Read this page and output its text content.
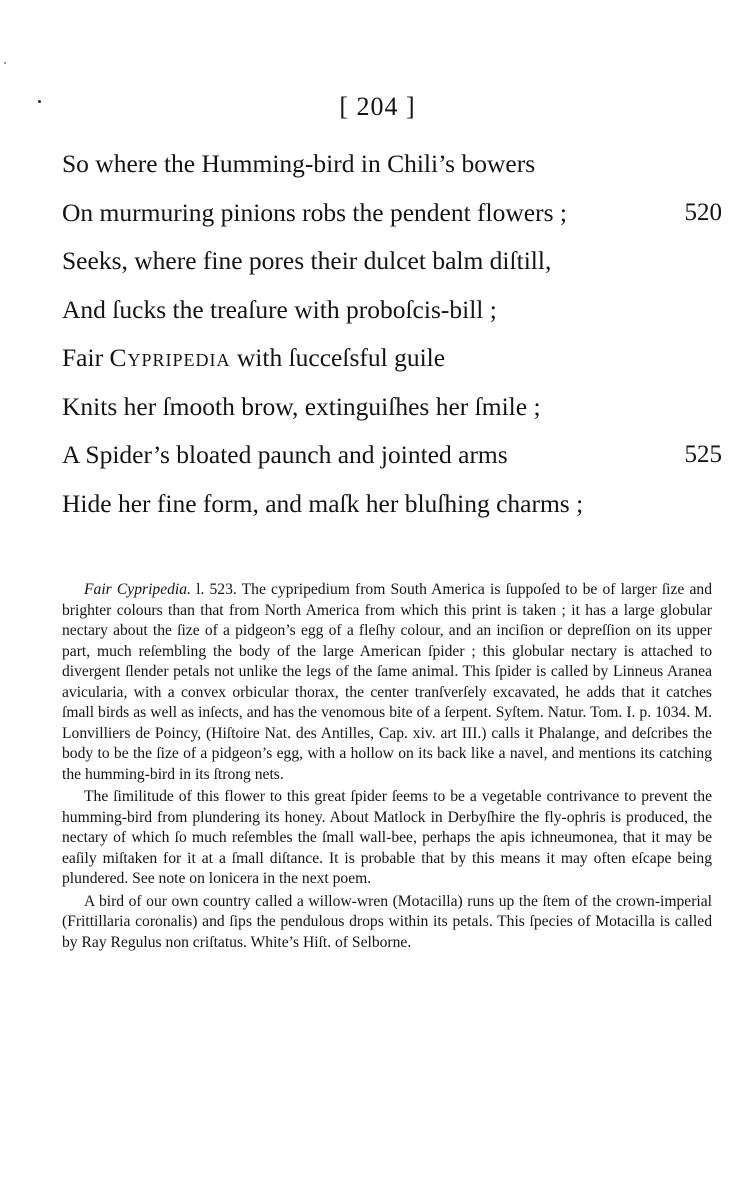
[ 204 ]
So where the Humming-bird in Chili’s bowers
On murmuring pinions robs the pendent flowers ;	520
Seeks, where fine pores their dulcet balm diſtill,
And ſucks the treaſure with proboſcis-bill ;
Fair Cypripedia with ſucceſsful guile
Knits her ſmooth brow, extinguiſhes her ſmile ;
A Spider’s bloated paunch and jointed arms	525
Hide her fine form, and maſk her bluſhing charms ;

Fair Cypripedia. l. 523. The cypripedium from South America is ſuppoſed to be of larger ſize and brighter colours than that from North America from which this print is taken ; it has a large globular nectary about the ſize of a pidgeon’s egg of a fleſhy colour, and an inciſion or depreſſion on its upper part, much reſembling the body of the large American ſpider ; this globular nectary is attached to divergent ſlender petals not unlike the legs of the ſame animal. This ſpider is called by Linneus Aranea avicularia, with a convex orbicular thorax, the center tranſverſely excavated, he adds that it catches ſmall birds as well as inſects, and has the venomous bite of a ſerpent. Syſtem. Natur. Tom. I. p. 1034. M. Lonvilliers de Poincy, (Hiſtoire Nat. des Antilles, Cap. xiv. art III.) calls it Phalange, and deſcribes the body to be the ſize of a pidgeon’s egg, with a hollow on its back like a navel, and mentions its catching the humming-bird in its ſtrong nets.

The ſimilitude of this flower to this great ſpider ſeems to be a vegetable contrivance to prevent the humming-bird from plundering its honey. About Matlock in Derbyſhire the fly-ophris is produced, the nectary of which ſo much reſembles the ſmall wall-bee, perhaps the apis ichneumonea, that it may be eaſily miſtaken for it at a ſmall diſtance. It is probable that by this means it may often eſcape being plundered. See note on lonicera in the next poem.

A bird of our own country called a willow-wren (Motacilla) runs up the ſtem of the crown-imperial (Frittillaria coronalis) and ſips the pendulous drops within its petals. This ſpecies of Motacilla is called by Ray Regulus non criſtatus. White’s Hiſt. of Selborne.
